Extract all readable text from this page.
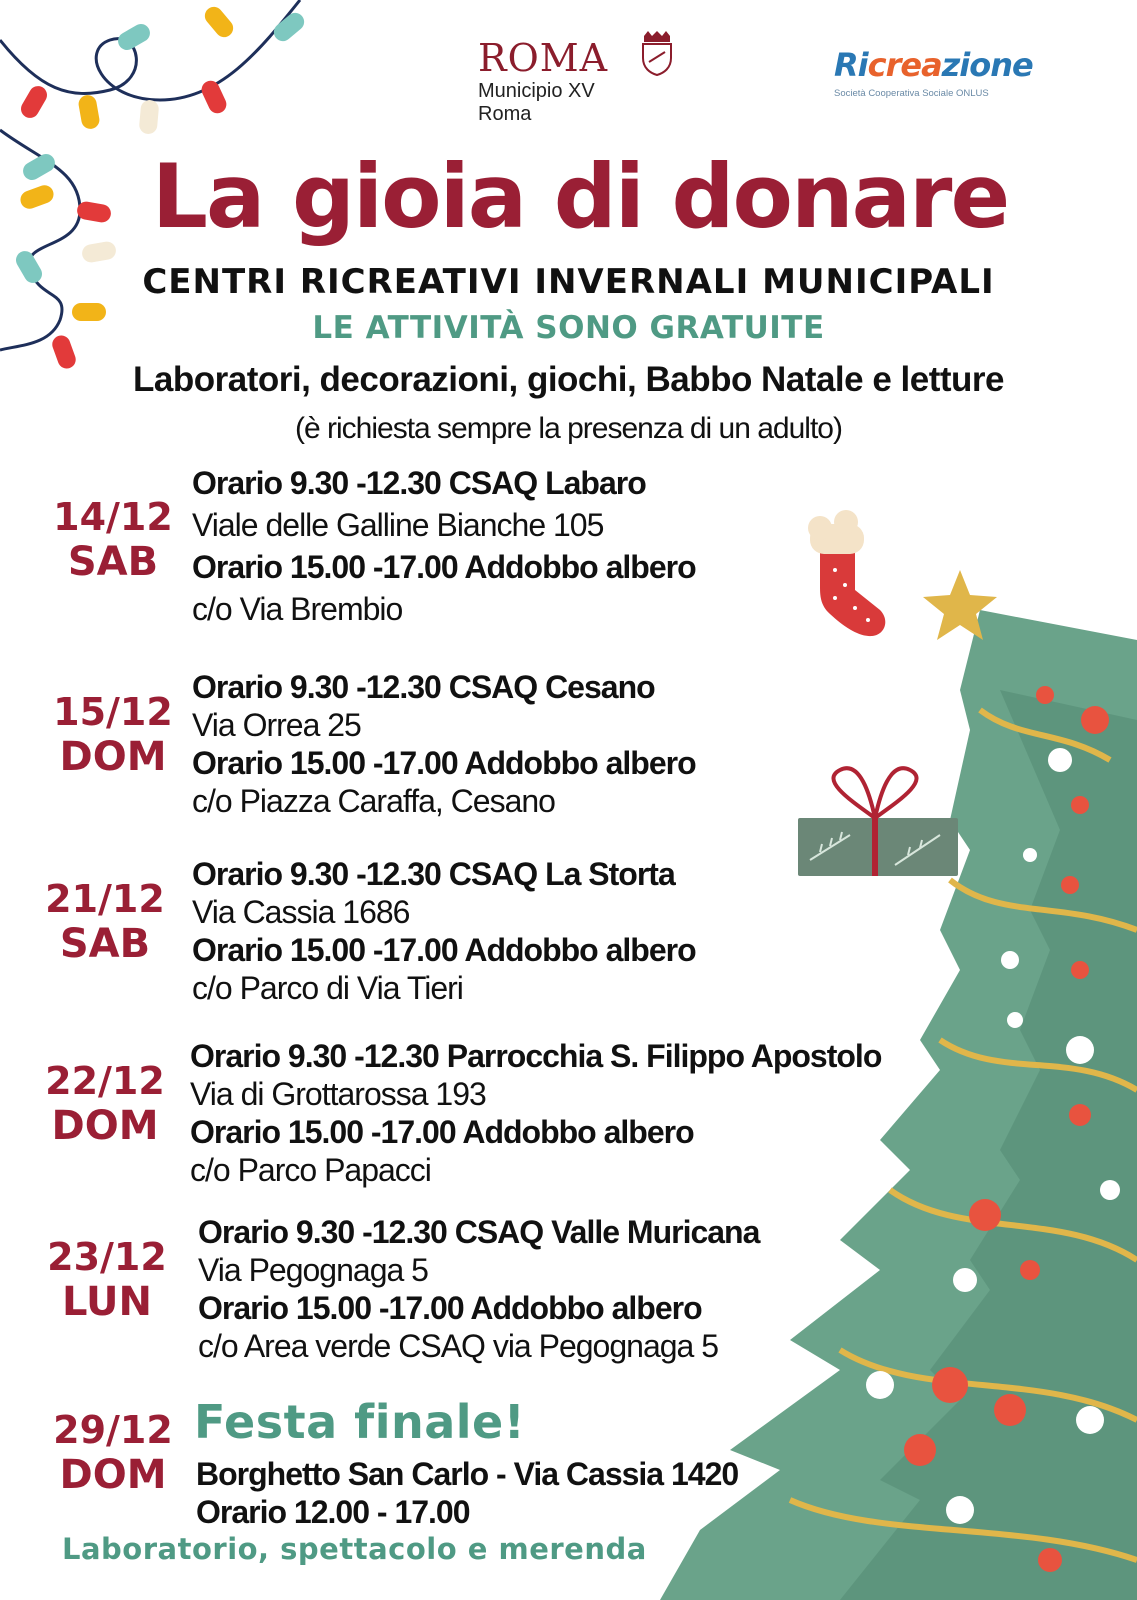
ROMA
Municipio XV
Roma
Ricreazione
Società Cooperativa Sociale ONLUS
La gioia di donare
CENTRI RICREATIVI INVERNALI MUNICIPALI
LE ATTIVITÀ SONO GRATUITE
Laboratori, decorazioni, giochi, Babbo Natale e letture
(è richiesta sempre la presenza di un adulto)
14/12
SAB
Orario 9.30 -12.30 CSAQ Labaro
Viale delle Galline Bianche 105
Orario 15.00 -17.00 Addobbo albero
c/o Via Brembio
15/12
DOM
Orario 9.30 -12.30 CSAQ Cesano
Via Orrea 25
Orario 15.00 -17.00 Addobbo albero
c/o Piazza Caraffa, Cesano
21/12
SAB
Orario 9.30 -12.30 CSAQ La Storta
Via Cassia 1686
Orario 15.00 -17.00 Addobbo albero
c/o Parco di Via Tieri
22/12
DOM
Orario 9.30 -12.30 Parrocchia S. Filippo Apostolo
Via di Grottarossa 193
Orario 15.00 -17.00 Addobbo albero
c/o Parco Papacci
23/12
LUN
Orario 9.30 -12.30 CSAQ Valle Muricana
Via Pegognaga 5
Orario 15.00 -17.00 Addobbo albero
c/o Area verde CSAQ via Pegognaga 5
29/12
DOM
Festa finale!
Borghetto San Carlo - Via Cassia 1420
Orario 12.00 - 17.00
Laboratorio, spettacolo e merenda
